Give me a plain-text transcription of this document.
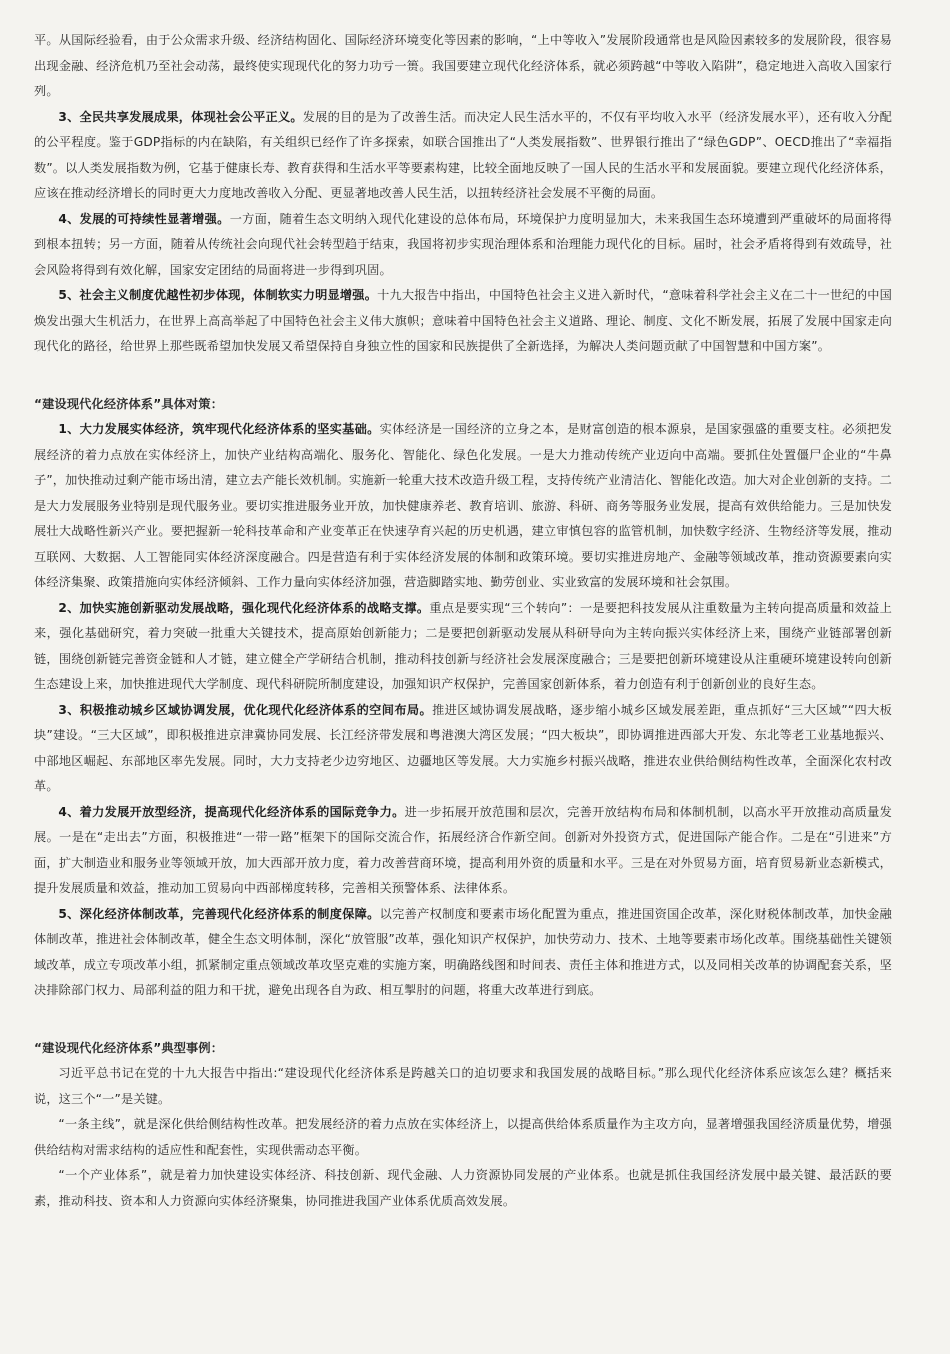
平。从国际经验看，由于公众需求升级、经济结构固化、国际经济环境变化等因素的影响，“上中等收入”发展阶段通常也是风险因素较多的发展阶段，很容易出现金融、经济危机乃至社会动荡，最终使实现现代化的努力功亏一篑。我国要建立现代化经济体系，就必须跨越“中等收入陷阱”，稳定地进入高收入国家行列。

3、全民共享发展成果，体现社会公平正义。发展的目的是为了改善生活。而决定人民生活水平的，不仅有平均收入水平（经济发展水平），还有收入分配的公平程度。鉴于GDP指标的内在缺陷，有关组织已经作了许多探索，如联合国推出了“人类发展指数”、世界银行推出了“绿色GDP”、OECD推出了“幸福指数”。以人类发展指数为例，它基于健康长寿、教育获得和生活水平等要素构建，比较全面地反映了一国人民的生活水平和发展面貌。要建立现代化经济体系，应该在推动经济增长的同时更大力度地改善收入分配、更显著地改善人民生活，以扭转经济社会发展不平衡的局面。

4、发展的可持续性显著增强。一方面，随着生态文明纳入现代化建设的总体布局，环境保护力度明显加大，未来我国生态环境遭到严重破坏的局面将得到根本扭转；另一方面，随着从传统社会向现代社会转型趋于结束，我国将初步实现治理体系和治理能力现代化的目标。届时，社会矛盾将得到有效疏导，社会风险将得到有效化解，国家安定团结的局面将进一步得到巩固。

5、社会主义制度优越性初步体现，体制软实力明显增强。十九大报告中指出，中国特色社会主义进入新时代，“意味着科学社会主义在二十一世纪的中国焕发出强大生机活力，在世界上高高举起了中国特色社会主义伟大旗帜；意味着中国特色社会主义道路、理论、制度、文化不断发展，拓展了发展中国家走向现代化的路径，给世界上那些既希望加快发展又希望保持自身独立性的国家和民族提供了全新选择，为解决人类问题贡献了中国智慧和中国方案”。

“建设现代化经济体系”具体对策：

1、大力发展实体经济，筑牢现代化经济体系的坚实基础。实体经济是一国经济的立身之本，是财富创造的根本源泉，是国家强盛的重要支柱。必须把发展经济的着力点放在实体经济上，加快产业结构高端化、服务化、智能化、绿色化发展。一是大力推动传统产业迈向中高端。要抓住处置僵尸企业的“牛鼻子”，加快推动过剩产能市场出清，建立去产能长效机制。实施新一轮重大技术改造升级工程，支持传统产业清洁化、智能化改造。加大对企业创新的支持。二是大力发展服务业特别是现代服务业。要切实推进服务业开放，加快健康养老、教育培训、旅游、科研、商务等服务业发展，提高有效供给能力。三是加快发展壮大战略性新兴产业。要把握新一轮科技革命和产业变革正在快速孕育兴起的历史机遇，建立审慎包容的监管机制，加快数字经济、生物经济等发展，推动互联网、大数据、人工智能同实体经济深度融合。四是营造有利于实体经济发展的体制和政策环境。要切实推进房地产、金融等领域改革，推动资源要素向实体经济集聚、政策措施向实体经济倾斜、工作力量向实体经济加强，营造脚踏实地、勤劳创业、实业致富的发展环境和社会氛围。

2、加快实施创新驱动发展战略，强化现代化经济体系的战略支撑。重点是要实现“三个转向”：一是要把科技发展从注重数量为主转向提高质量和效益上来，强化基础研究，着力突破一批重大关键技术，提高原始创新能力；二是要把创新驱动发展从科研导向为主转向振兴实体经济上来，围绕产业链部署创新链，围绕创新链完善资金链和人才链，建立健全产学研结合机制，推动科技创新与经济社会发展深度融合；三是要把创新环境建设从注重硬环境建设转向创新生态建设上来，加快推进现代大学制度、现代科研院所制度建设，加强知识产权保护，完善国家创新体系，着力创造有利于创新创业的良好生态。

3、积极推动城乡区域协调发展，优化现代化经济体系的空间布局。推进区域协调发展战略，逐步缩小城乡区域发展差距，重点抓好“三大区域”“四大板块”建设。“三大区域”，即积极推进京津冀协同发展、长江经济带发展和粤港澳大湾区发展；“四大板块”，即协调推进西部大开发、东北等老工业基地振兴、中部地区崛起、东部地区率先发展。同时，大力支持老少边穷地区、边疆地区等发展。大力实施乡村振兴战略，推进农业供给侧结构性改革，全面深化农村改革。

4、着力发展开放型经济，提高现代化经济体系的国际竞争力。进一步拓展开放范围和层次，完善开放结构布局和体制机制，以高水平开放推动高质量发展。一是在“走出去”方面，积极推进“一带一路”框架下的国际交流合作，拓展经济合作新空间。创新对外投资方式，促进国际产能合作。二是在“引进来”方面，扩大制造业和服务业等领域开放，加大西部开放力度，着力改善营商环境，提高利用外资的质量和水平。三是在对外贸易方面，培育贸易新业态新模式，提升发展质量和效益，推动加工贸易向中西部梯度转移，完善相关预警体系、法律体系。

5、深化经济体制改革，完善现代化经济体系的制度保障。以完善产权制度和要素市场化配置为重点，推进国资国企改革，深化财税体制改革，加快金融体制改革，推进社会体制改革，健全生态文明体制，深化“放管服”改革，强化知识产权保护，加快劳动力、技术、土地等要素市场化改革。围绕基础性关键领域改革，成立专项改革小组，抓紧制定重点领域改革攻坚克难的实施方案，明确路线图和时间表、责任主体和推进方式，以及同相关改革的协调配套关系，坚决排除部门权力、局部利益的阻力和干扰，避免出现各自为政、相互掣肘的问题，将重大改革进行到底。

“建设现代化经济体系”典型事例：

习近平总书记在党的十九大报告中指出:“建设现代化经济体系是跨越关口的迫切要求和我国发展的战略目标。”那么现代化经济体系应该怎么建？概括来说，这三个“一”是关键。

“一条主线”，就是深化供给侧结构性改革。把发展经济的着力点放在实体经济上，以提高供给体系质量作为主攻方向，显著增强我国经济质量优势，增强供给结构对需求结构的适应性和配套性，实现供需动态平衡。

“一个产业体系”，就是着力加快建设实体经济、科技创新、现代金融、人力资源协同发展的产业体系。也就是抓住我国经济发展中最关键、最活跃的要素，推动科技、资本和人力资源向实体经济聚集，协同推进我国产业体系优质高效发展。
